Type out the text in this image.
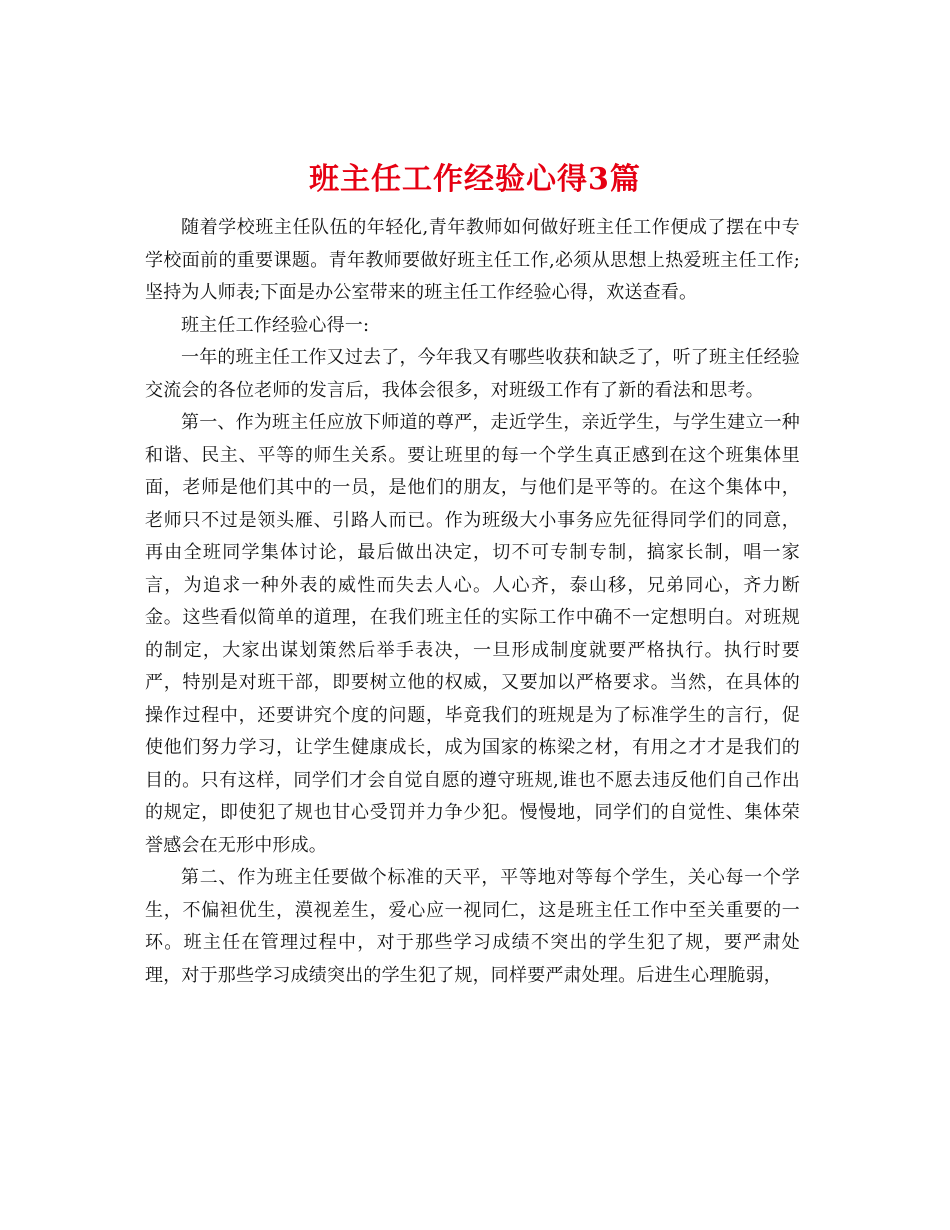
班主任工作经验心得3篇

随着学校班主任队伍的年轻化,青年教师如何做好班主任工作便成了摆在中专学校面前的重要课题。青年教师要做好班主任工作,必须从思想上热爱班主任工作;坚持为人师表;下面是办公室带来的班主任工作经验心得，欢送查看。

班主任工作经验心得一:

一年的班主任工作又过去了，今年我又有哪些收获和缺乏了，听了班主任经验交流会的各位老师的发言后，我体会很多，对班级工作有了新的看法和思考。

第一、作为班主任应放下师道的尊严，走近学生，亲近学生，与学生建立一种和谐、民主、平等的师生关系。要让班里的每一个学生真正感到在这个班集体里面，老师是他们其中的一员，是他们的朋友，与他们是平等的。在这个集体中，老师只不过是领头雁、引路人而已。作为班级大小事务应先征得同学们的同意，再由全班同学集体讨论，最后做出决定，切不可专制专制，搞家长制，唱一家言，为追求一种外表的威性而失去人心。人心齐，泰山移，兄弟同心，齐力断金。这些看似简单的道理，在我们班主任的实际工作中确不一定想明白。对班规的制定，大家出谋划策然后举手表决，一旦形成制度就要严格执行。执行时要严，特别是对班干部，即要树立他的权威，又要加以严格要求。当然，在具体的操作过程中，还要讲究个度的问题，毕竟我们的班规是为了标准学生的言行，促使他们努力学习，让学生健康成长，成为国家的栋梁之材，有用之才才是我们的目的。只有这样，同学们才会自觉自愿的遵守班规,谁也不愿去违反他们自己作出的规定，即使犯了规也甘心受罚并力争少犯。慢慢地，同学们的自觉性、集体荣誉感会在无形中形成。

第二、作为班主任要做个标准的天平，平等地对等每个学生，关心每一个学生，不偏袒优生，漠视差生，爱心应一视同仁，这是班主任工作中至关重要的一环。班主任在管理过程中，对于那些学习成绩不突出的学生犯了规，要严肃处理，对于那些学习成绩突出的学生犯了规，同样要严肃处理。后进生心理脆弱，
